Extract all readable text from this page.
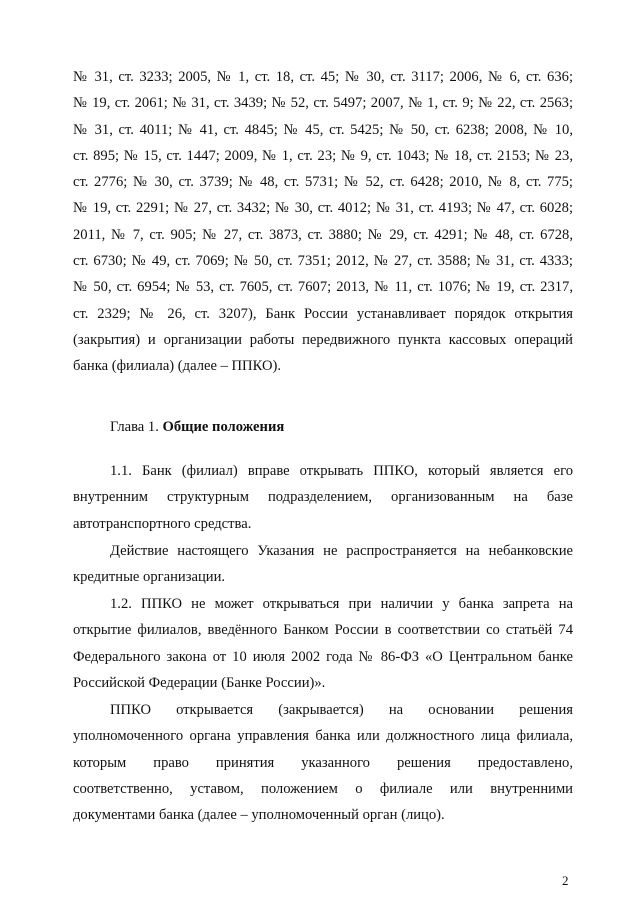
№ 31, ст. 3233; 2005, № 1, ст. 18, ст. 45; № 30, ст. 3117; 2006, № 6, ст. 636;
№ 19, ст. 2061; № 31, ст. 3439; № 52, ст. 5497; 2007, № 1, ст. 9; № 22, ст. 2563;
№ 31, ст. 4011; № 41, ст. 4845; № 45, ст. 5425; № 50, ст. 6238; 2008, № 10,
ст. 895; № 15, ст. 1447; 2009, № 1, ст. 23; № 9, ст. 1043; № 18, ст. 2153; № 23,
ст. 2776; № 30, ст. 3739; № 48, ст. 5731; № 52, ст. 6428; 2010, № 8, ст. 775;
№ 19, ст. 2291; № 27, ст. 3432; № 30, ст. 4012; № 31, ст. 4193; № 47, ст. 6028;
2011, № 7, ст. 905; № 27, ст. 3873, ст. 3880; № 29, ст. 4291; № 48, ст. 6728,
ст. 6730; № 49, ст. 7069; № 50, ст. 7351; 2012, № 27, ст. 3588; № 31, ст. 4333;
№ 50, ст. 6954; № 53, ст. 7605, ст. 7607; 2013, № 11, ст. 1076; № 19, ст. 2317,
ст. 2329; № 26, ст. 3207), Банк России устанавливает порядок открытия
(закрытия) и организации работы передвижного пункта кассовых операций
банка (филиала) (далее – ППКО).
Глава 1. Общие положения
1.1. Банк (филиал) вправе открывать ППКО, который является его
внутренним структурным подразделением, организованным на базе
автотранспортного средства.
Действие настоящего Указания не распространяется на небанковские
кредитные организации.
1.2. ППКО не может открываться при наличии у банка запрета на
открытие филиалов, введённого Банком России в соответствии со статьёй 74
Федерального закона от 10 июля 2002 года № 86-ФЗ «О Центральном банке
Российской Федерации (Банке России)».
ППКО открывается (закрывается) на основании решения
уполномоченного органа управления банка или должностного лица филиала,
которым право принятия указанного решения предоставлено,
соответственно, уставом, положением о филиале или внутренними
документами банка (далее – уполномоченный орган (лицо).
2
